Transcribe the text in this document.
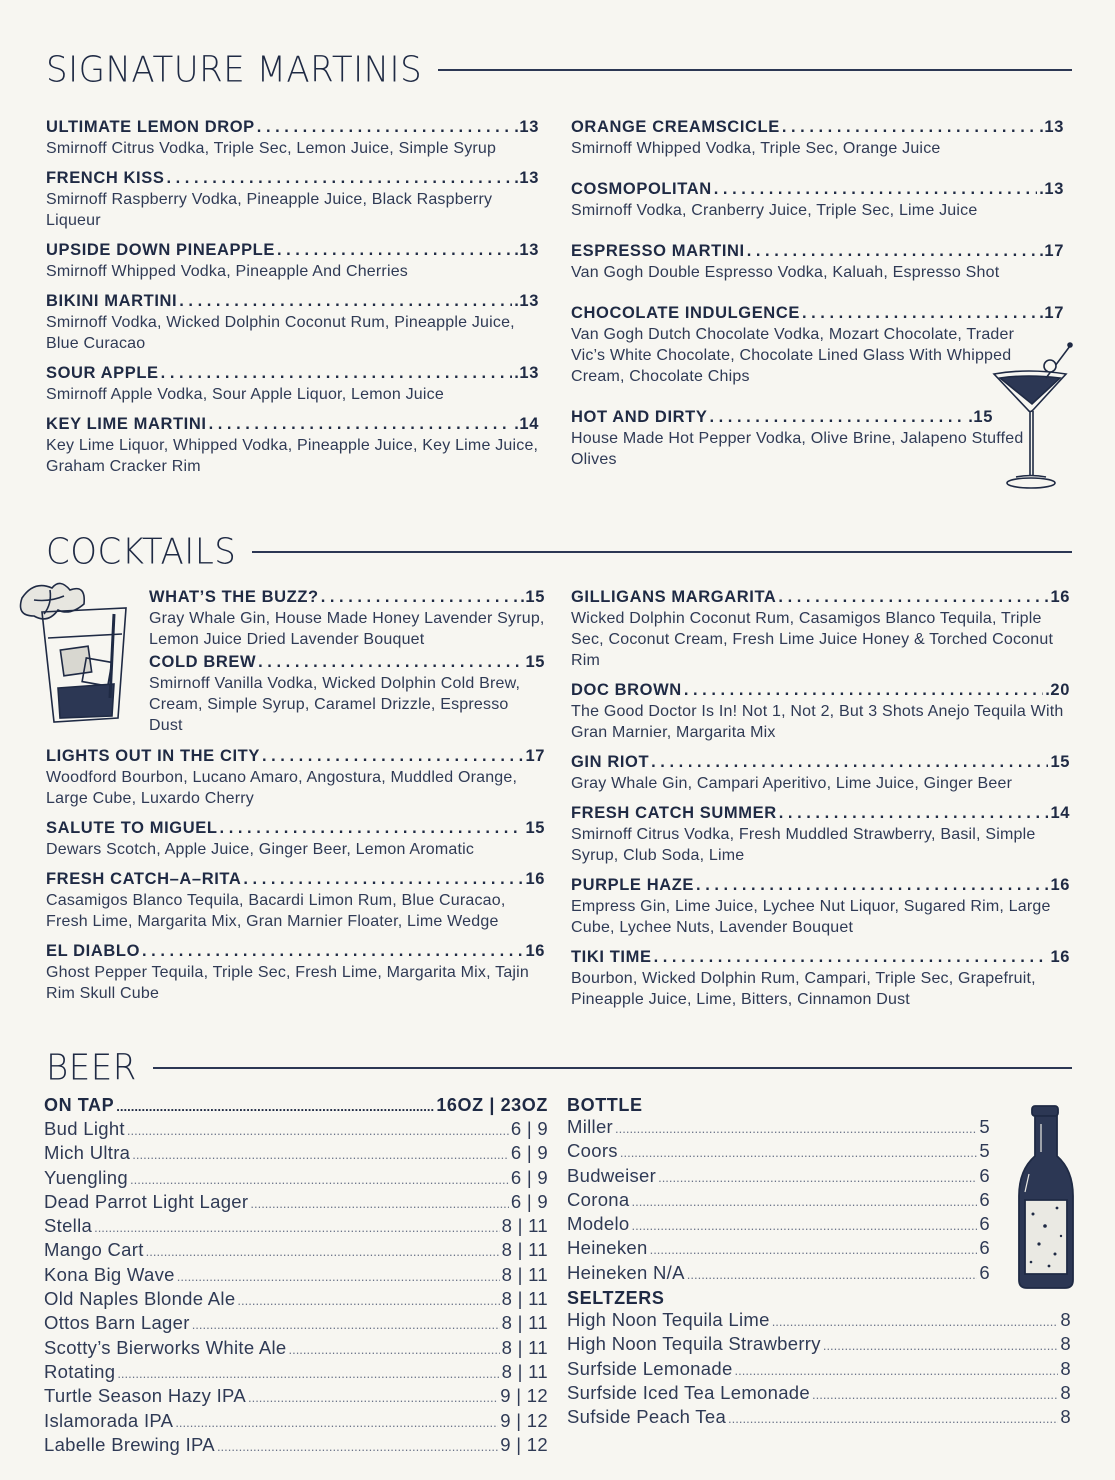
SIGNATURE MARTINIS
ULTIMATE LEMON DROP . . .	.13
Smirnoff Citrus Vodka, Triple Sec, Lemon Juice, Simple Syrup
FRENCH KISS . . .	.13
Smirnoff Raspberry Vodka, Pineapple Juice, Black Raspberry Liqueur
UPSIDE DOWN PINEAPPLE . . .	.13
Smirnoff Whipped Vodka, Pineapple And Cherries
BIKINI MARTINI . . .	.13
Smirnoff Vodka, Wicked Dolphin Coconut Rum, Pineapple Juice, Blue Curacao
SOUR APPLE . . .	.13
Smirnoff Apple Vodka, Sour Apple Liquor, Lemon Juice
KEY LIME MARTINI . . .	.14
Key Lime Liquor, Whipped Vodka, Pineapple Juice, Key Lime Juice, Graham Cracker Rim
ORANGE CREAMSCICLE . . .	.13
Smirnoff Whipped Vodka, Triple Sec, Orange Juice
COSMOPOLITAN . . .	.13
Smirnoff Vodka, Cranberry Juice, Triple Sec, Lime Juice
ESPRESSO MARTINI . . .	.17
Van Gogh Double Espresso Vodka, Kaluah, Espresso Shot
CHOCOLATE INDULGENCE . . .	.17
Van Gogh Dutch Chocolate Vodka, Mozart Chocolate, Trader Vic’s White Chocolate, Chocolate Lined Glass With Whipped Cream, Chocolate Chips
HOT AND DIRTY . . .	.15
House Made Hot Pepper Vodka, Olive Brine, Jalapeno Stuffed Olives
COCKTAILS
WHAT’S THE BUZZ? . . .	.15
Gray Whale Gin, House Made Honey Lavender Syrup, Lemon Juice Dried Lavender Bouquet
COLD BREW . . .	15
Smirnoff Vanilla Vodka, Wicked Dolphin Cold Brew, Cream, Simple Syrup, Caramel Drizzle, Espresso Dust
LIGHTS OUT IN THE CITY . . .	17
Woodford Bourbon, Lucano Amaro, Angostura, Muddled Orange, Large Cube, Luxardo Cherry
SALUTE TO MIGUEL . . .	15
Dewars Scotch, Apple Juice, Ginger Beer, Lemon Aromatic
FRESH CATCH–A–RITA . . .	16
Casamigos Blanco Tequila, Bacardi Limon Rum, Blue Curacao, Fresh Lime, Margarita Mix, Gran Marnier Floater, Lime Wedge
EL DIABLO . . .	16
Ghost Pepper Tequila, Triple Sec, Fresh Lime, Margarita Mix, Tajin Rim Skull Cube
GILLIGANS MARGARITA . . .	16
Wicked Dolphin Coconut Rum, Casamigos Blanco Tequila, Triple Sec, Coconut Cream, Fresh Lime Juice Honey & Torched Coconut Rim
DOC BROWN . . .	.20
The Good Doctor Is In! Not 1, Not 2, But 3 Shots Anejo Tequila With Gran Marnier, Margarita Mix
GIN RIOT . . .	15
Gray Whale Gin, Campari Aperitivo, Lime Juice, Ginger Beer
FRESH CATCH SUMMER . . .	14
Smirnoff Citrus Vodka, Fresh Muddled Strawberry, Basil, Simple Syrup, Club Soda, Lime
PURPLE HAZE . . .	16
Empress Gin, Lime Juice, Lychee Nut Liquor, Sugared Rim, Large Cube, Lychee Nuts, Lavender Bouquet
TIKI TIME . . .	16
Bourbon, Wicked Dolphin Rum, Campari, Triple Sec, Grapefruit, Pineapple Juice, Lime, Bitters, Cinnamon Dust
BEER
ON TAP .....	16OZ | 23OZ
Bud Light .....	6 | 9
Mich Ultra .....	6 | 9
Yuengling .....	6 | 9
Dead Parrot Light Lager .....	6 | 9
Stella .....	8 | 11
Mango Cart .....	8 | 11
Kona Big Wave .....	8 | 11
Old Naples Blonde Ale .....	8 | 11
Ottos Barn Lager .....	8 | 11
Scotty’s Bierworks White Ale .....	8 | 11
Rotating .....	8 | 11
Turtle Season Hazy IPA .....	9 | 12
Islamorada IPA .....	9 | 12
Labelle Brewing IPA .....	9 | 12
BOTTLE
Miller .....	5
Coors .....	5
Budweiser .....	6
Corona .....	6
Modelo .....	6
Heineken .....	6
Heineken N/A .....	6
SELTZERS
High Noon Tequila Lime .....	8
High Noon Tequila Strawberry .....	8
Surfside Lemonade .....	8
Surfside Iced Tea Lemonade .....	8
Sufside Peach Tea .....	8
